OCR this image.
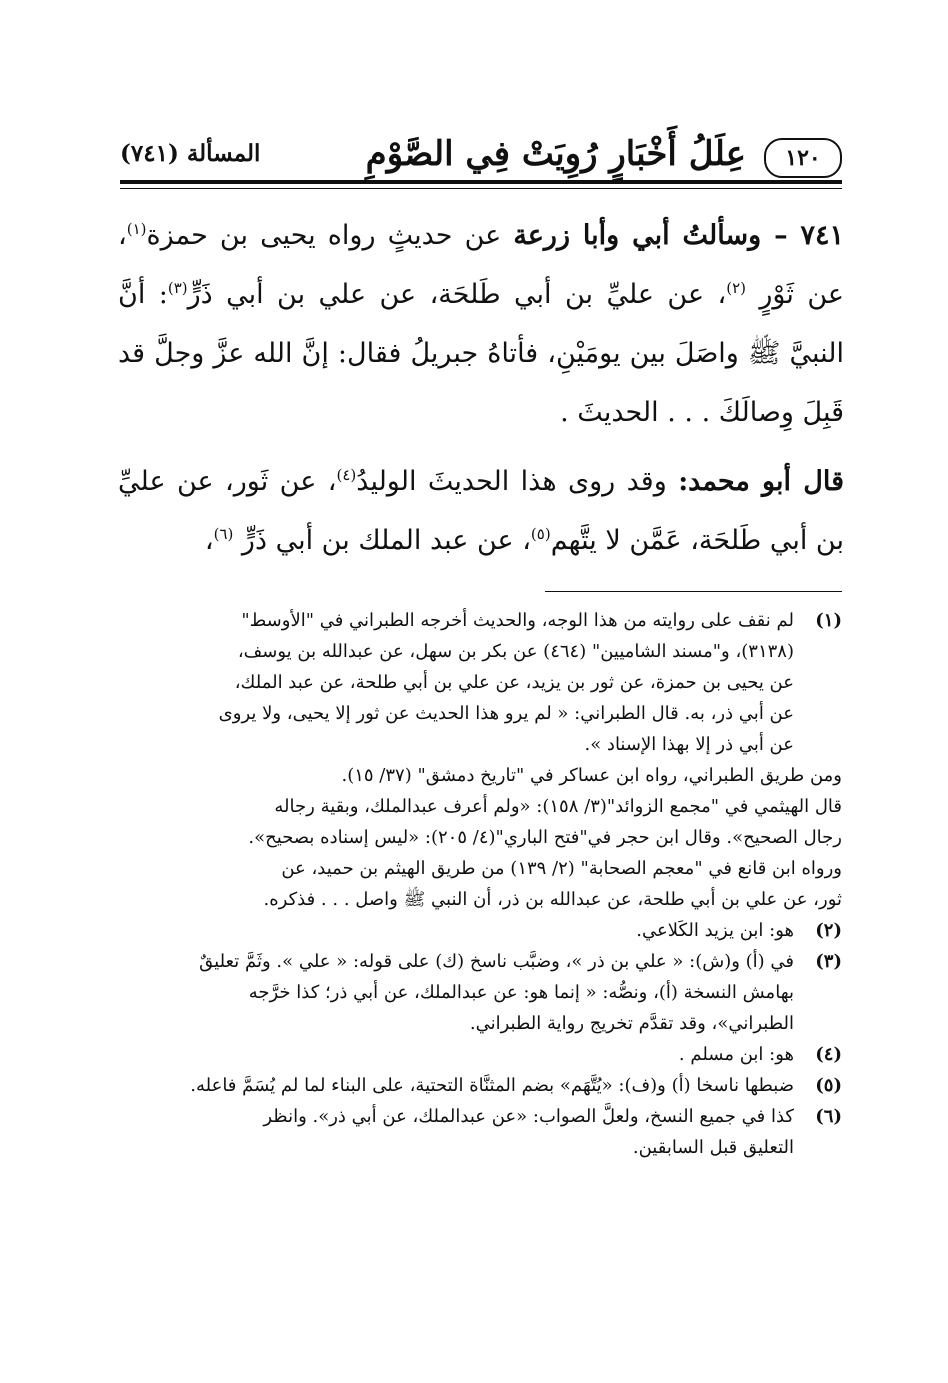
١٢٠
عِلَلُ أَخْبَارٍ رُوِيَتْ فِي الصَّوْمِ
المسألة (٧٤١)

٧٤١ – وسألتُ أبي وأبا زرعة عن حديثٍ رواه يحيى بن حمزة$^{(١)}$، عن ثَوْرٍ $^{(٢)}$، عن عليِّ بن أبي طَلحَة، عن علي بن أبي ذَرٍّ$^{(٣)}$: أنَّ النبيَّ ﷺ واصَلَ بين يومَيْنِ، فأتاهُ جبريلُ فقال: إنَّ الله عزَّ وجلَّ قد قَبِلَ وِصالَكَ . . . الحديثَ .

قال أبو محمد: وقد روى هذا الحديثَ الوليدُ$^{(٤)}$، عن ثَور، عن عليِّ بن أبي طَلحَة، عَمَّن لا يتَّهم$^{(٥)}$، عن عبد الملك بن أبي ذَرٍّ $^{(٦)}$،

(١)
لم نقف على روايته من هذا الوجه، والحديث أخرجه الطبراني في "الأوسط"
(٣١٣٨)، و"مسند الشاميين" (٤٦٤) عن بكر بن سهل، عن عبدالله بن يوسف،
عن يحيى بن حمزة، عن ثور بن يزيد، عن علي بن أبي طلحة، عن عبد الملك،
عن أبي ذر، به. قال الطبراني: « لم يرو هذا الحديث عن ثور إلا يحيى، ولا يروى
عن أبي ذر إلا بهذا الإسناد ».
ومن طريق الطبراني، رواه ابن عساكر في "تاريخ دمشق" (٣٧/ ١٥).
قال الهيثمي في "مجمع الزوائد"(٣/ ١٥٨): «ولم أعرف عبدالملك، وبقية رجاله
رجال الصحيح». وقال ابن حجر في"فتح الباري"(٤/ ٢٠٥): «ليس إسناده بصحيح».
ورواه ابن قانع في "معجم الصحابة" (٢/ ١٣٩) من طريق الهيثم بن حميد، عن
ثور، عن علي بن أبي طلحة، عن عبدالله بن ذر، أن النبي ﷺ واصل . . . فذكره.
(٢)
هو: ابن يزيد الكَلاعي.
(٣)
في (أ) و(ش): « علي بن ذر »، وضبَّب ناسخ (ك) على قوله: « علي ». وثَمَّ تعليقٌ
بهامش النسخة (أ)، ونصُّه: « إنما هو: عن عبدالملك، عن أبي ذر؛ كذا خرَّجه
الطبراني»، وقد تقدَّم تخريج رواية الطبراني.
(٤)
هو: ابن مسلم .
(٥)
ضبطها ناسخا (أ) و(ف): «يُتَّهَم» بضم المثنَّاة التحتية، على البناء لما لم يُسَمَّ فاعله.
(٦)
كذا في جميع النسخ، ولعلَّ الصواب: «عن عبدالملك، عن أبي ذر». وانظر
التعليق قبل السابقين.
